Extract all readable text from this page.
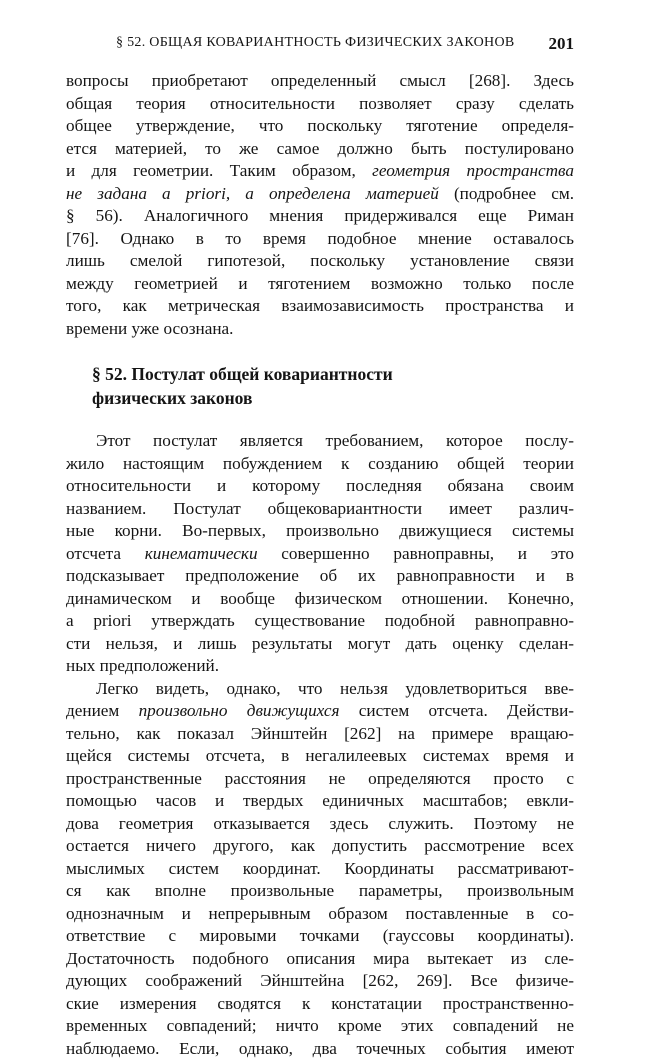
§ 52. ОБЩАЯ КОВАРИАНТНОСТЬ ФИЗИЧЕСКИХ ЗАКОНОВ 201
вопросы приобретают определенный смысл [268]. Здесь
общая теория относительности позволяет сразу сделать
общее утверждение, что поскольку тяготение определя-
ется материей, то же самое должно быть постулировано
и для геометрии. Таким образом, геометрия пространства
не задана a priori, а определена материей (подробнее см.
§ 56). Аналогичного мнения придерживался еще Риман
[76]. Однако в то время подобное мнение оставалось
лишь смелой гипотезой, поскольку установление связи
между геометрией и тяготением возможно только после
того, как метрическая взаимозависимость пространства и
времени уже осознана.
§ 52. Постулат общей ковариантности
физических законов
Этот постулат является требованием, которое послу-
жило настоящим побуждением к созданию общей теории
относительности и которому последняя обязана своим
названием. Постулат общековариантности имеет различ-
ные корни. Во-первых, произвольно движущиеся системы
отсчета кинематически совершенно равноправны, и это
подсказывает предположение об их равноправности и в
динамическом и вообще физическом отношении. Конечно,
a priori утверждать существование подобной равноправно-
сти нельзя, и лишь результаты могут дать оценку сделан-
ных предположений.
Легко видеть, однако, что нельзя удовлетвориться вве-
дением произвольно движущихся систем отсчета. Действи-
тельно, как показал Эйнштейн [262] на примере вращаю-
щейся системы отсчета, в негалилеевых системах время и
пространственные расстояния не определяются просто с
помощью часов и твердых единичных масштабов; евкли-
дова геометрия отказывается здесь служить. Поэтому не
остается ничего другого, как допустить рассмотрение всех
мыслимых систем координат. Координаты рассматривают-
ся как вполне произвольные параметры, произвольным
однозначным и непрерывным образом поставленные в со-
ответствие с мировыми точками (гауссовы координаты).
Достаточность подобного описания мира вытекает из сле-
дующих соображений Эйнштейна [262, 269]. Все физиче-
ские измерения сводятся к констатации пространственно-
временных совпадений; ничто кроме этих совпадений не
наблюдаемо. Если, однако, два точечных события имеют
